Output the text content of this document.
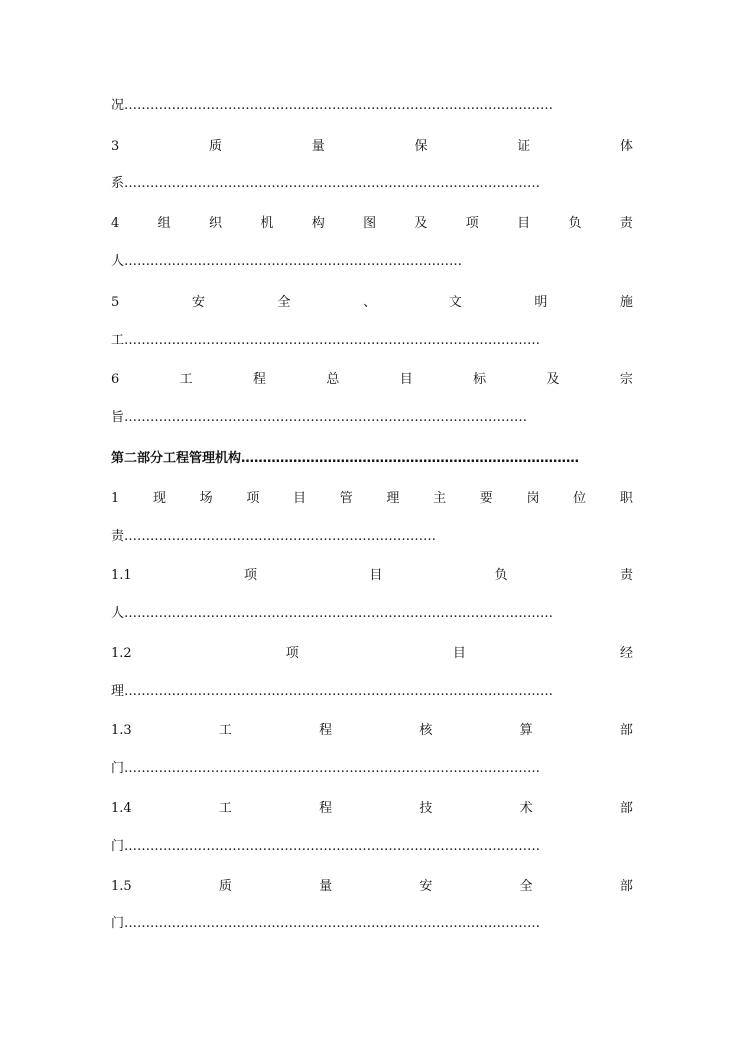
况………………………………………………………………………………………
3	质	量	保	证	体
系……………………………………………………………………………………
4	组	织	机	构	图	及	项	目	负	责
人……………………………………………………………………
5	安	全	、	文	明	施
工……………………………………………………………………………………
6	工	程	总	目	标	及	宗
旨…………………………………………………………………………………
第二部分工程管理机构……………………………………………………………………
1	现	场	项	目	管	理	主	要	岗	位	职
责………………………………………………………………
1.1	项	目	负	责
人………………………………………………………………………………………
1.2	项	目	经
理………………………………………………………………………………………
1.3	工	程	核	算	部
门……………………………………………………………………………………
1.4	工	程	技	术	部
门……………………………………………………………………………………
1.5	质	量	安	全	部
门……………………………………………………………………………………
